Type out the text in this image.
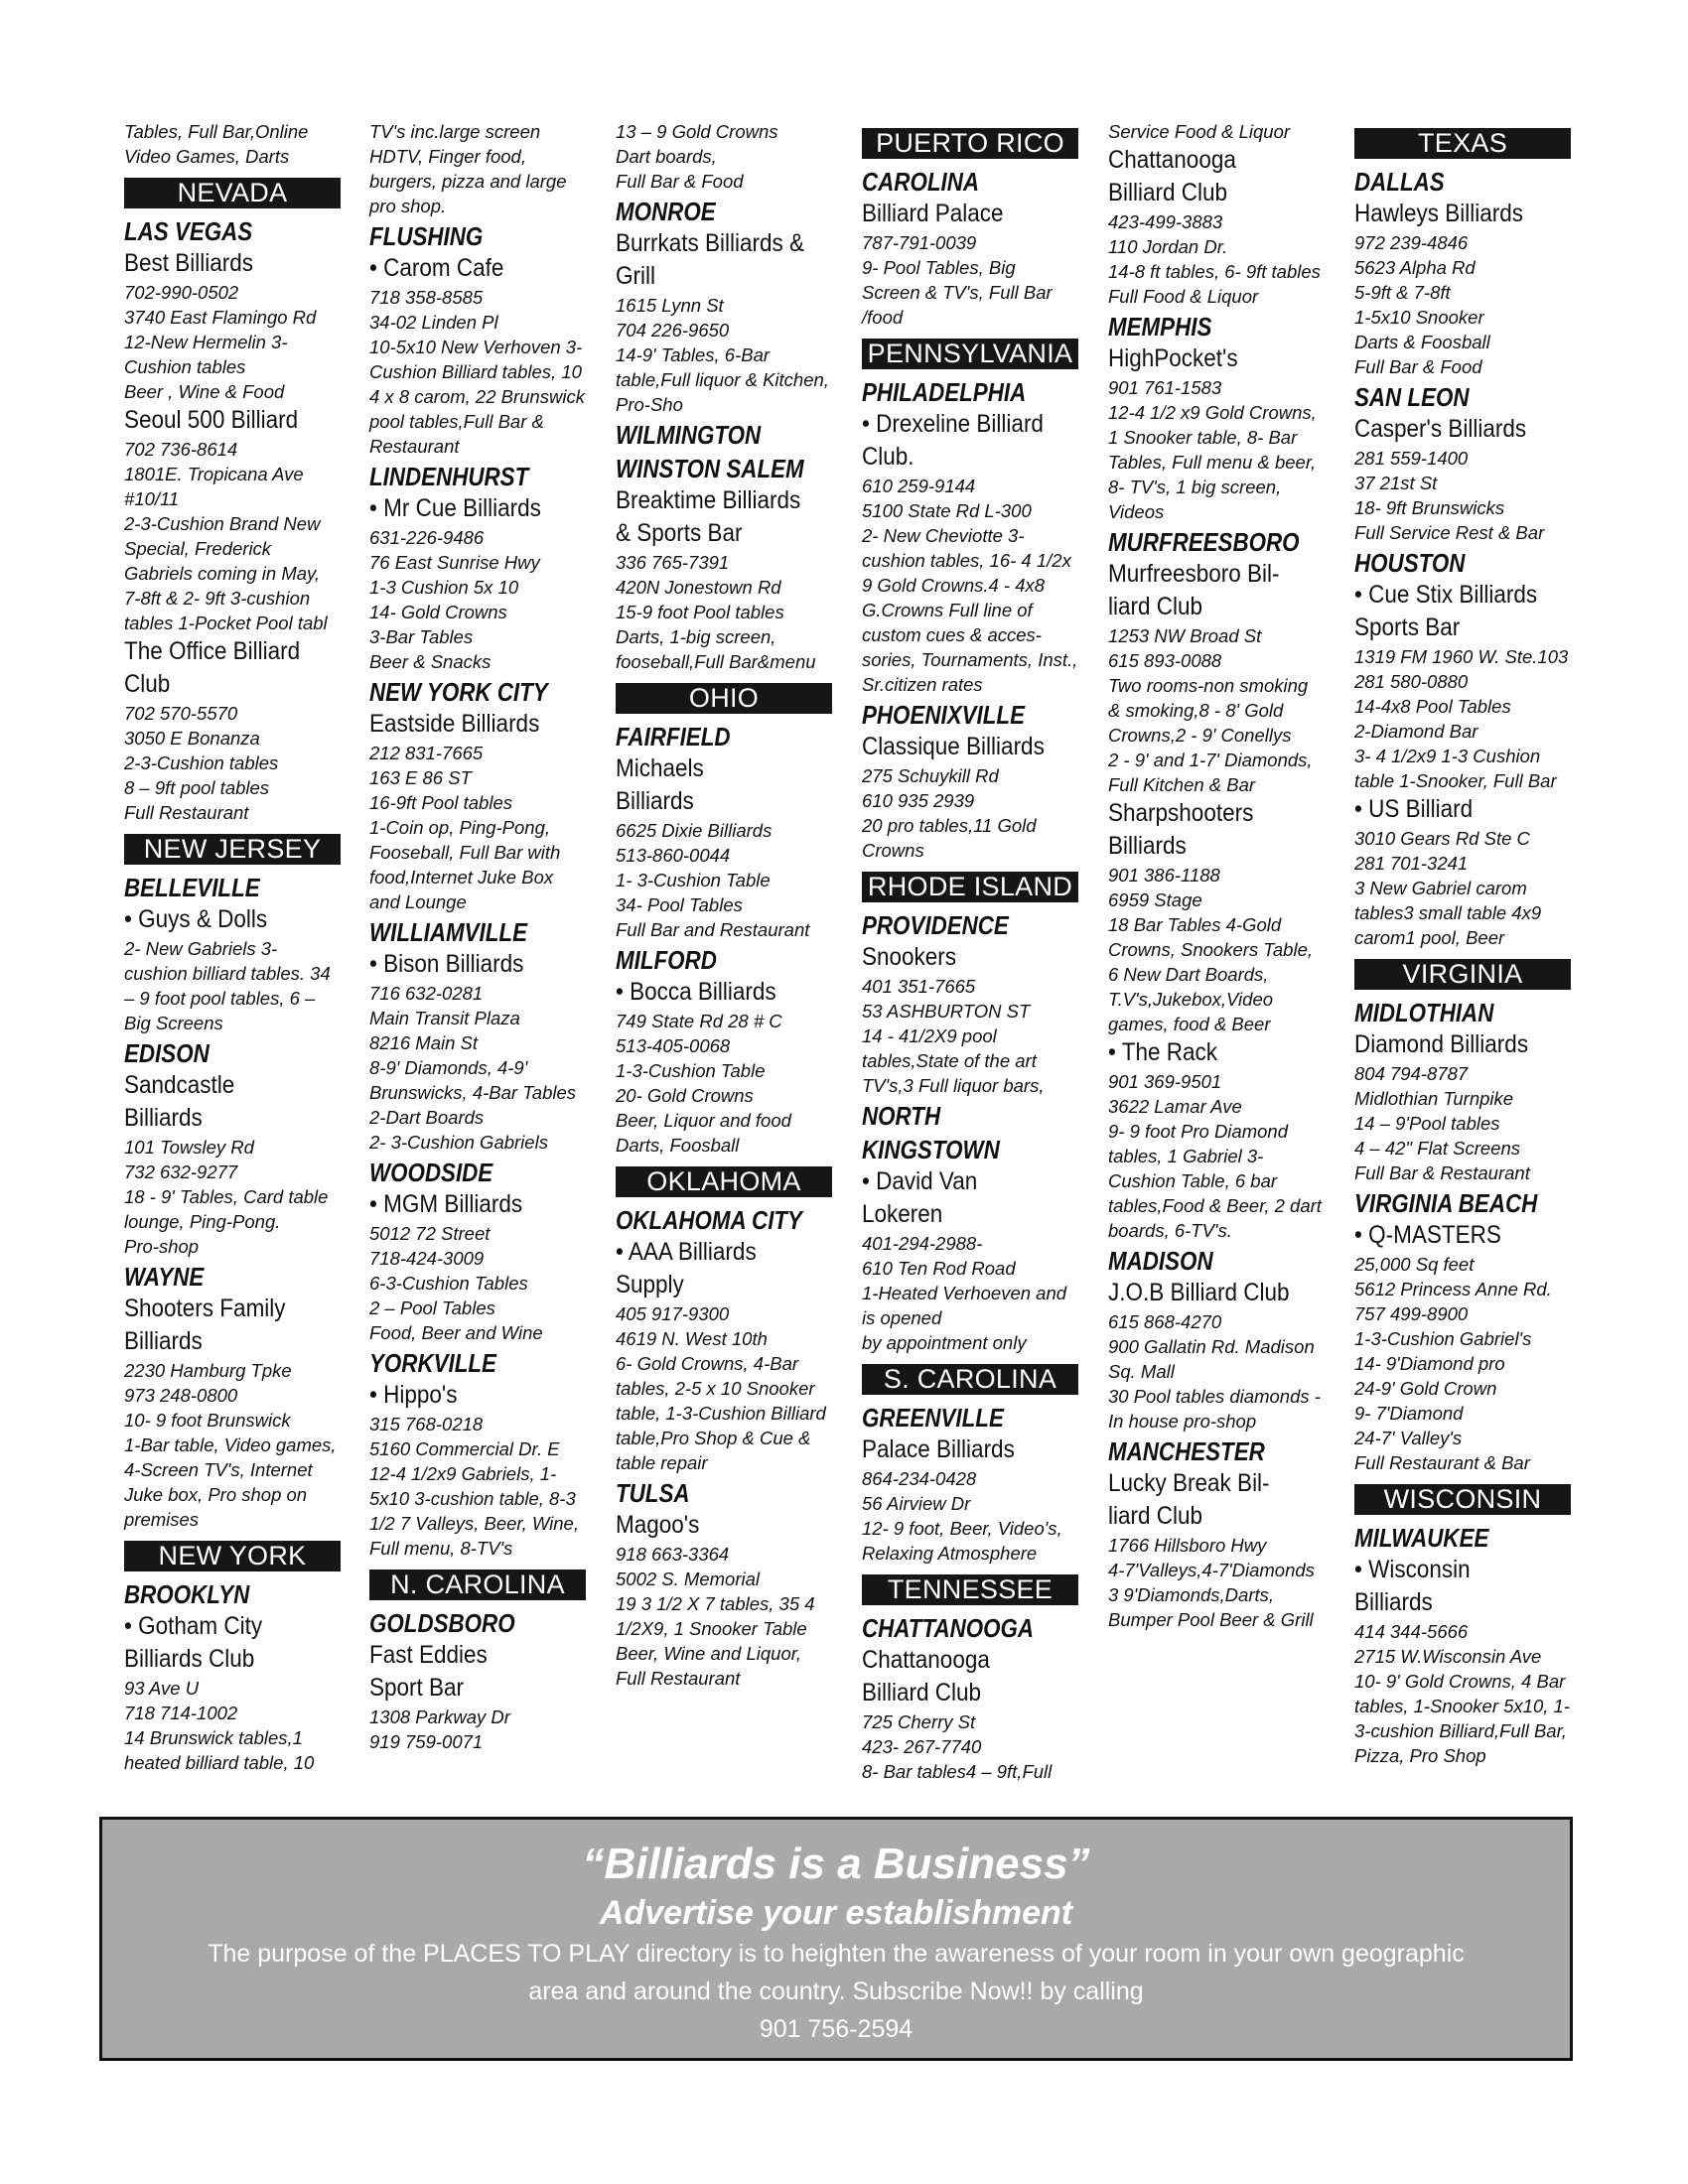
Tables, Full Bar,Online
Video Games, Darts
NEVADA
LAS VEGAS
Best Billiards
702-990-0502
3740 East Flamingo Rd
12-New Hermelin 3-
Cushion tables
Beer , Wine & Food
Seoul 500 Billiard
702 736-8614
1801E. Tropicana Ave
#10/11
2-3-Cushion Brand New
Special, Frederick
Gabriels coming in May,
7-8ft & 2- 9ft 3-cushion
tables 1-Pocket Pool tabl
The Office Billiard
Club
702 570-5570
3050 E Bonanza
2-3-Cushion tables
8 – 9ft pool tables
Full Restaurant
NEW JERSEY
BELLEVILLE
• Guys & Dolls
2- New Gabriels 3-
cushion billiard tables. 34
– 9 foot pool tables, 6 –
Big Screens
EDISON
Sandcastle
Billiards
101 Towsley Rd
732 632-9277
18 - 9' Tables, Card table
lounge, Ping-Pong.
Pro-shop
WAYNE
Shooters Family
Billiards
2230 Hamburg Tpke
973 248-0800
10- 9 foot Brunswick
1-Bar table, Video games,
4-Screen TV's, Internet
Juke box, Pro shop on
premises
NEW YORK
BROOKLYN
• Gotham City
Billiards Club
93 Ave U
718 714-1002
14 Brunswick tables,1
heated billiard table, 10
TV's inc.large screen
HDTV, Finger food,
burgers, pizza and large
pro shop.
FLUSHING
• Carom Cafe
718 358-8585
34-02 Linden Pl
10-5x10 New Verhoven 3-
Cushion Billiard tables, 10
4 x 8 carom, 22 Brunswick
pool tables,Full Bar &
Restaurant
LINDENHURST
• Mr Cue Billiards
631-226-9486
76 East Sunrise Hwy
1-3 Cushion 5x 10
14- Gold Crowns
3-Bar Tables
Beer & Snacks
NEW YORK CITY
Eastside Billiards
212 831-7665
163 E 86 ST
16-9ft Pool tables
1-Coin op, Ping-Pong,
Fooseball, Full Bar with
food,Internet Juke Box
and Lounge
WILLIAMVILLE
• Bison Billiards
716 632-0281
Main Transit Plaza
8216 Main St
8-9' Diamonds, 4-9'
Brunswicks, 4-Bar Tables
2-Dart Boards
2- 3-Cushion Gabriels
WOODSIDE
• MGM Billiards
5012 72 Street
718-424-3009
6-3-Cushion Tables
2 – Pool Tables
Food, Beer and Wine
YORKVILLE
• Hippo's
315 768-0218
5160 Commercial Dr. E
12-4 1/2x9 Gabriels, 1-
5x10 3-cushion table, 8-3
1/2 7 Valleys, Beer, Wine,
Full menu, 8-TV's
N. CAROLINA
GOLDSBORO
Fast Eddies
Sport Bar
1308 Parkway Dr
919 759-0071
13 – 9 Gold Crowns
Dart boards,
Full Bar & Food
MONROE
Burrkats Billiards &
Grill
1615 Lynn St
704 226-9650
14-9' Tables, 6-Bar
table,Full liquor & Kitchen,
Pro-Sho
WILMINGTON
WINSTON SALEM
Breaktime Billiards
& Sports Bar
336 765-7391
420N Jonestown Rd
15-9 foot Pool tables
Darts, 1-big screen,
fooseball,Full Bar&menu
OHIO
FAIRFIELD
Michaels
Billiards
6625 Dixie Billiards
513-860-0044
1- 3-Cushion Table
34- Pool Tables
Full Bar and Restaurant
MILFORD
• Bocca Billiards
749 State Rd 28 # C
513-405-0068
1-3-Cushion Table
20- Gold Crowns
Beer, Liquor and food
Darts, Foosball
OKLAHOMA
OKLAHOMA CITY
• AAA Billiards
Supply
405 917-9300
4619 N. West 10th
6- Gold Crowns, 4-Bar
tables, 2-5 x 10 Snooker
table, 1-3-Cushion Billiard
table,Pro Shop & Cue &
table repair
TULSA
Magoo's
918 663-3364
5002 S. Memorial
19 3 1/2 X 7 tables, 35 4
1/2X9, 1 Snooker Table
Beer, Wine and Liquor,
Full Restaurant
PUERTO RICO
CAROLINA
Billiard Palace
787-791-0039
9- Pool Tables, Big
Screen & TV's, Full Bar
/food
PENNSYLVANIA
PHILADELPHIA
• Drexeline Billiard
Club.
610 259-9144
5100 State Rd L-300
2- New Cheviotte 3-
cushion tables, 16- 4 1/2x
9 Gold Crowns.4 - 4x8
G.Crowns Full line of
custom cues & acces-
sories, Tournaments, Inst.,
Sr.citizen rates
PHOENIXVILLE
Classique Billiards
275 Schuykill Rd
610 935 2939
20 pro tables,11 Gold
Crowns
RHODE ISLAND
PROVIDENCE
Snookers
401 351-7665
53 ASHBURTON ST
14 - 41/2X9 pool
tables,State of the art
TV's,3 Full liquor bars,
NORTH
KINGSTOWN
• David Van
Lokeren
401-294-2988-
610 Ten Rod Road
1-Heated Verhoeven and
is opened
by appointment only
S. CAROLINA
GREENVILLE
Palace Billiards
864-234-0428
56 Airview Dr
12- 9 foot, Beer, Video's,
Relaxing Atmosphere
TENNESSEE
CHATTANOOGA
Chattanooga
Billiard Club
725 Cherry St
423- 267-7740
8- Bar tables4 – 9ft,Full
Service Food & Liquor
Chattanooga
Billiard Club
423-499-3883
110 Jordan Dr.
14-8 ft tables, 6- 9ft tables
Full Food & Liquor
MEMPHIS
HighPocket's
901 761-1583
12-4 1/2 x9 Gold Crowns,
1 Snooker table, 8- Bar
Tables, Full menu & beer,
8- TV's, 1 big screen,
Videos
MURFREESBORO
Murfreesboro Bil-
liard Club
1253 NW Broad St
615 893-0088
Two rooms-non smoking
& smoking,8 - 8' Gold
Crowns,2 - 9' Conellys
2 - 9' and 1-7' Diamonds,
Full Kitchen & Bar
Sharpshooters
Billiards
901 386-1188
6959 Stage
18 Bar Tables 4-Gold
Crowns, Snookers Table,
6 New Dart Boards,
T.V's,Jukebox,Video
games, food & Beer
• The Rack
901 369-9501
3622 Lamar Ave
9- 9 foot Pro Diamond
tables, 1 Gabriel 3-
Cushion Table, 6 bar
tables,Food & Beer, 2 dart
boards, 6-TV's.
MADISON
J.O.B Billiard Club
615 868-4270
900 Gallatin Rd. Madison
Sq. Mall
30 Pool tables diamonds -
In house pro-shop
MANCHESTER
Lucky Break Bil-
liard Club
1766 Hillsboro Hwy
4-7'Valleys,4-7'Diamonds
3 9'Diamonds,Darts,
Bumper Pool Beer & Grill
TEXAS
DALLAS
Hawleys Billiards
972 239-4846
5623 Alpha Rd
5-9ft & 7-8ft
1-5x10 Snooker
Darts & Foosball
Full Bar & Food
SAN LEON
Casper's Billiards
281 559-1400
37 21st St
18- 9ft Brunswicks
Full Service Rest & Bar
HOUSTON
• Cue Stix Billiards
Sports Bar
1319 FM 1960 W. Ste.103
281 580-0880
14-4x8 Pool Tables
2-Diamond Bar
3- 4 1/2x9 1-3 Cushion
table 1-Snooker, Full Bar
• US Billiard
3010 Gears Rd Ste C
281 701-3241
3 New Gabriel carom
tables3 small table 4x9
carom1 pool, Beer
VIRGINIA
MIDLOTHIAN
Diamond Billiards
804 794-8787
Midlothian Turnpike
14 – 9'Pool tables
4 – 42" Flat Screens
Full Bar & Restaurant
VIRGINIA BEACH
• Q-MASTERS
25,000 Sq feet
5612 Princess Anne Rd.
757 499-8900
1-3-Cushion Gabriel's
14- 9'Diamond pro
24-9' Gold Crown
9- 7'Diamond
24-7' Valley's
Full Restaurant & Bar
WISCONSIN
MILWAUKEE
• Wisconsin
Billiards
414 344-5666
2715 W.Wisconsin Ave
10- 9' Gold Crowns, 4 Bar
tables, 1-Snooker 5x10, 1-
3-cushion Billiard,Full Bar,
Pizza, Pro Shop
“Billiards is a Business”
Advertise your establishment
The purpose of the PLACES TO PLAY directory is to heighten the awareness of your room in your own geographic
area and around the country. Subscribe Now!! by calling
901 756-2594
